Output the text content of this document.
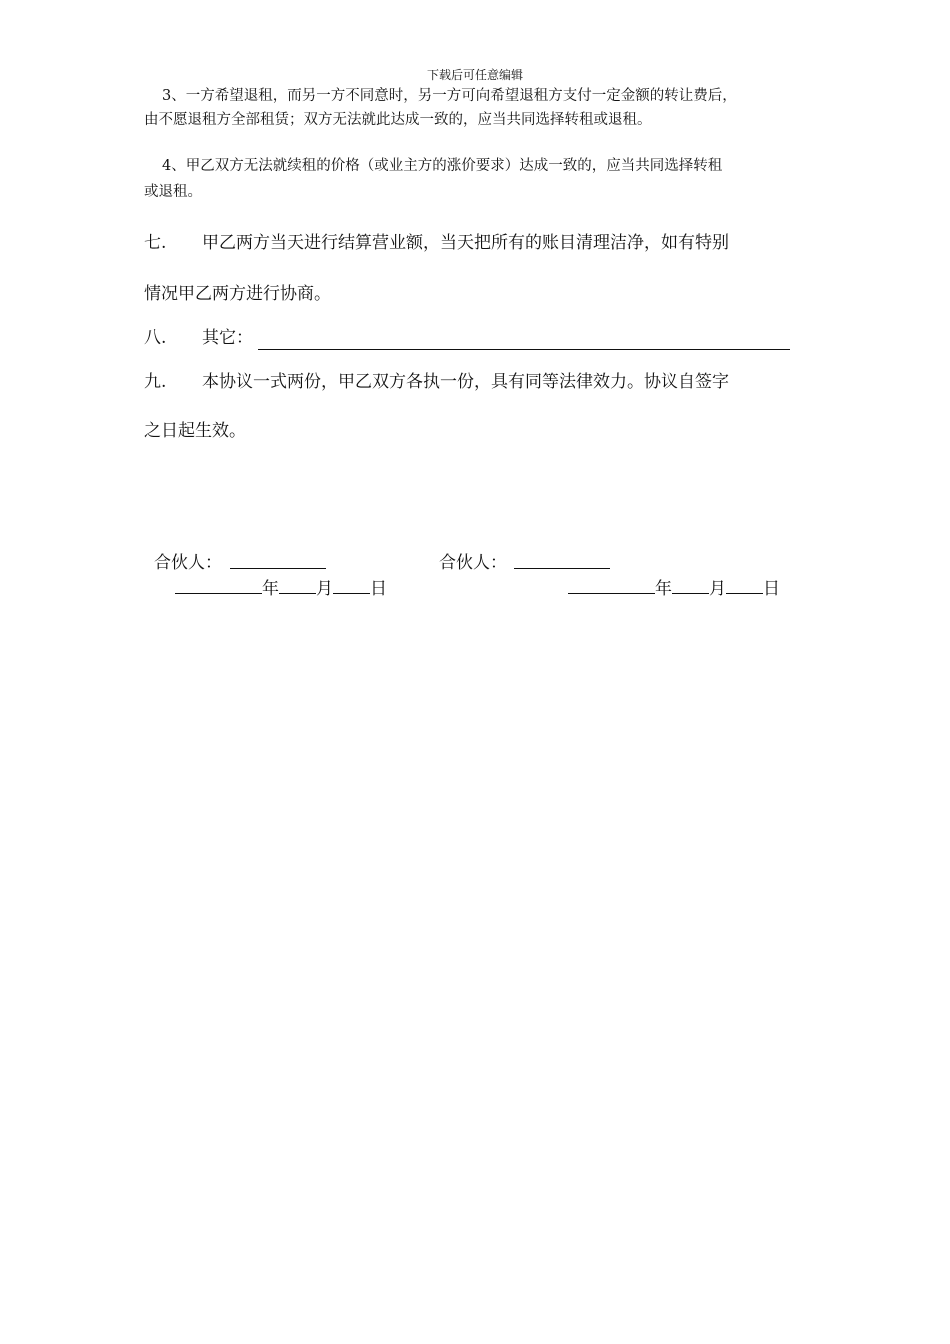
下载后可任意编辑
3、一方希望退租，而另一方不同意时，另一方可向希望退租方支付一定金额的转让费后，
由不愿退租方全部租赁；双方无法就此达成一致的，应当共同选择转租或退租。
4、甲乙双方无法就续租的价格（或业主方的涨价要求）达成一致的，应当共同选择转租
或退租。
七. 甲乙两方当天进行结算营业额，当天把所有的账目清理洁净，如有特别
情况甲乙两方进行协商。
八. 其它：
九. 本协议一式两份，甲乙双方各执一份，具有同等法律效力。协议自签字
之日起生效。
合伙人：	合伙人：
年 月 日	年 月 日
